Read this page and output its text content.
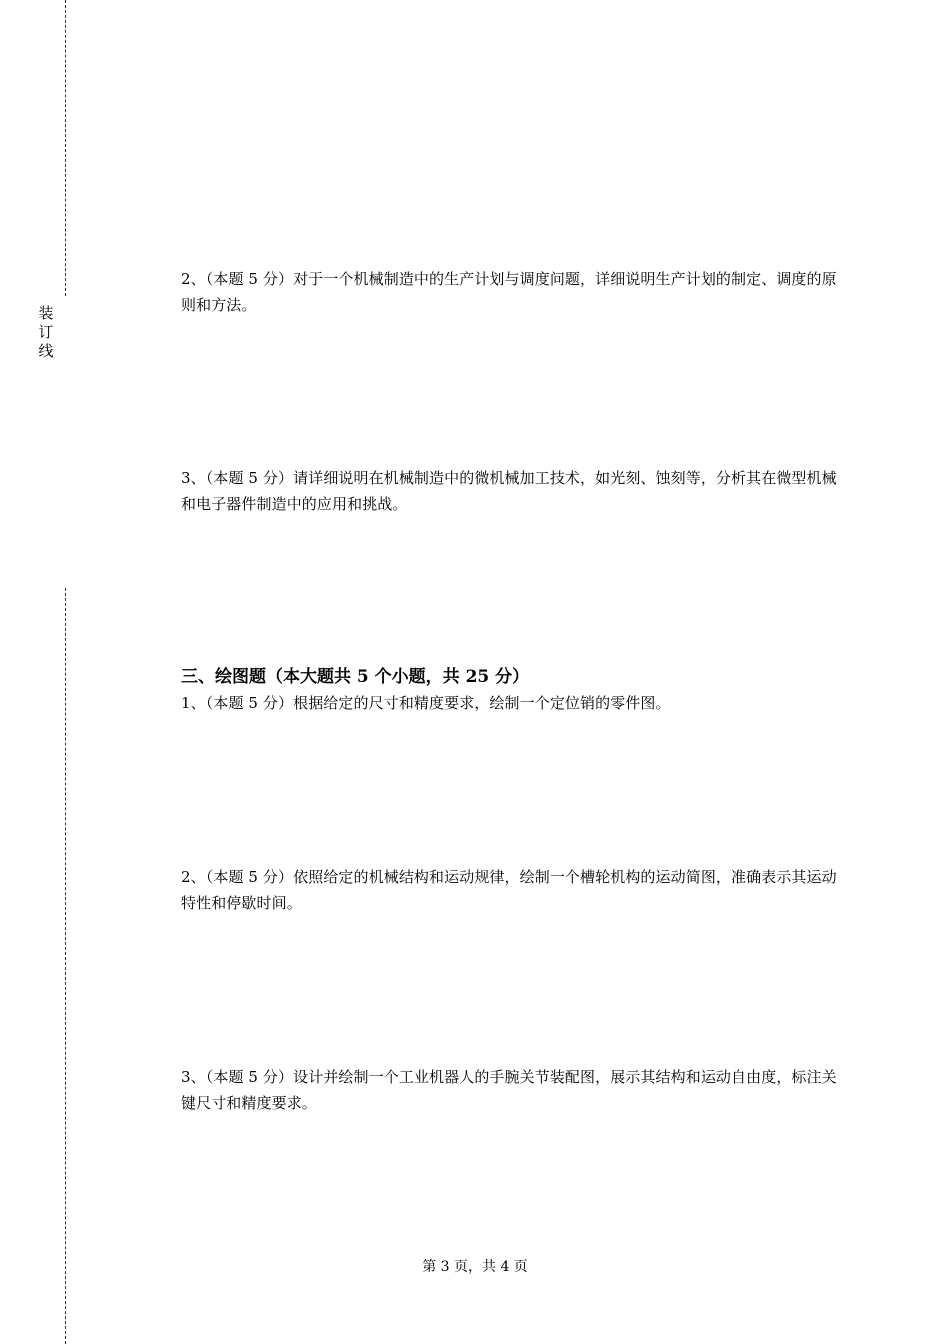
装
订
线
2、（本题 5 分）对于一个机械制造中的生产计划与调度问题，详细说明生产计划的制定、调度的原则和方法。
3、（本题 5 分）请详细说明在机械制造中的微机械加工技术，如光刻、蚀刻等，分析其在微型机械和电子器件制造中的应用和挑战。
三、绘图题（本大题共 5 个小题，共 25 分）
1、（本题 5 分）根据给定的尺寸和精度要求，绘制一个定位销的零件图。
2、（本题 5 分）依照给定的机械结构和运动规律，绘制一个槽轮机构的运动简图，准确表示其运动特性和停歇时间。
3、（本题 5 分）设计并绘制一个工业机器人的手腕关节装配图，展示其结构和运动自由度，标注关键尺寸和精度要求。
第 3 页，共 4 页
